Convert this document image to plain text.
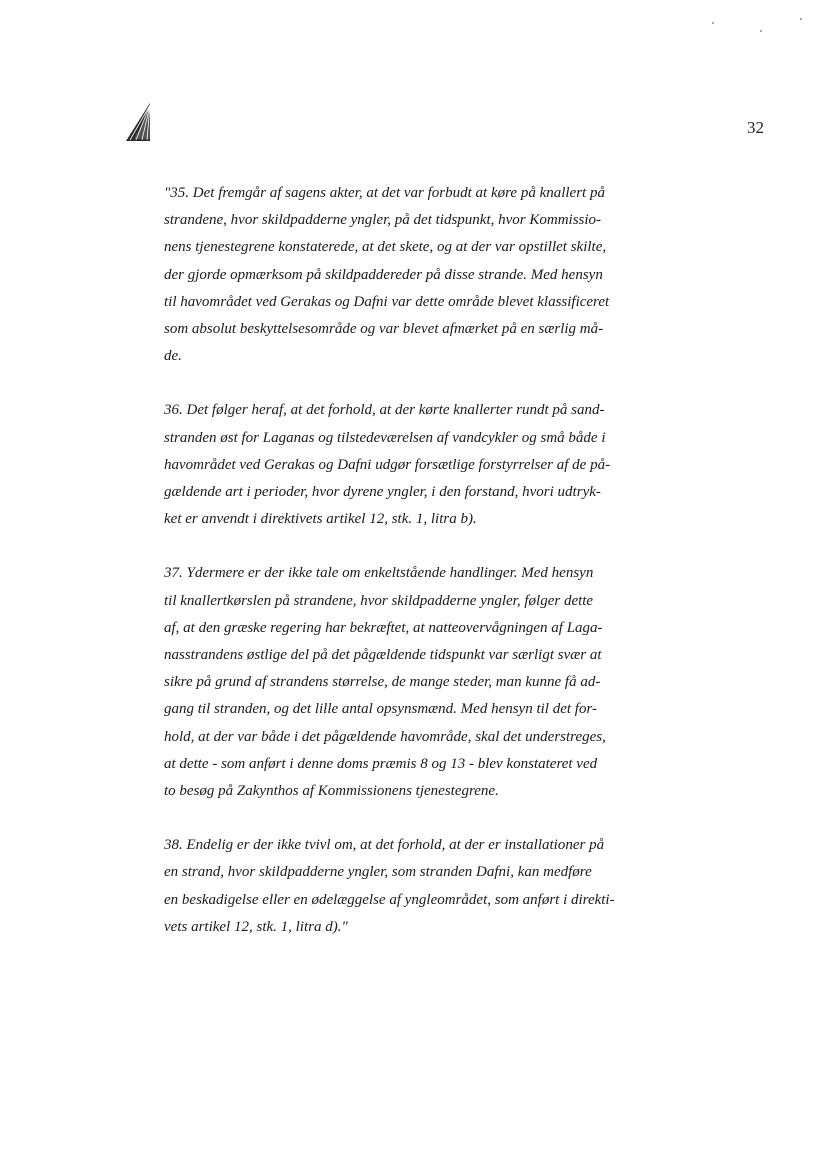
32

"35. Det fremgår af sagens akter, at det var forbudt at køre på knallert på
strandene, hvor skildpadderne yngler, på det tidspunkt, hvor Kommissio-
nens tjenestegrene konstaterede, at det skete, og at der var opstillet skilte,
der gjorde opmærksom på skildpaddereder på disse strande. Med hensyn
til havområdet ved Gerakas og Dafni var dette område blevet klassificeret
som absolut beskyttelsesområde og var blevet afmærket på en særlig må-
de.

36. Det følger heraf, at det forhold, at der kørte knallerter rundt på sand-
stranden øst for Laganas og tilstedeværelsen af vandcykler og små både i
havområdet ved Gerakas og Dafni udgør forsætlige forstyrrelser af de på-
gældende art i perioder, hvor dyrene yngler, i den forstand, hvori udtryk-
ket er anvendt i direktivets artikel 12, stk. 1, litra b).

37. Ydermere er der ikke tale om enkeltstående handlinger. Med hensyn
til knallertkørslen på strandene, hvor skildpadderne yngler, følger dette
af, at den græske regering har bekræftet, at natteovervågningen af Laga-
nasstrandens østlige del på det pågældende tidspunkt var særligt svær at
sikre på grund af strandens størrelse, de mange steder, man kunne få ad-
gang til stranden, og det lille antal opsynsmænd. Med hensyn til det for-
hold, at der var både i det pågældende havområde, skal det understreges,
at dette - som anført i denne doms præmis 8 og 13 - blev konstateret ved
to besøg på Zakynthos af Kommissionens tjenestegrene.

38. Endelig er der ikke tvivl om, at det forhold, at der er installationer på
en strand, hvor skildpadderne yngler, som stranden Dafni, kan medføre
en beskadigelse eller en ødelæggelse af yngleområdet, som anført i direkti-
vets artikel 12, stk. 1, litra d)."
